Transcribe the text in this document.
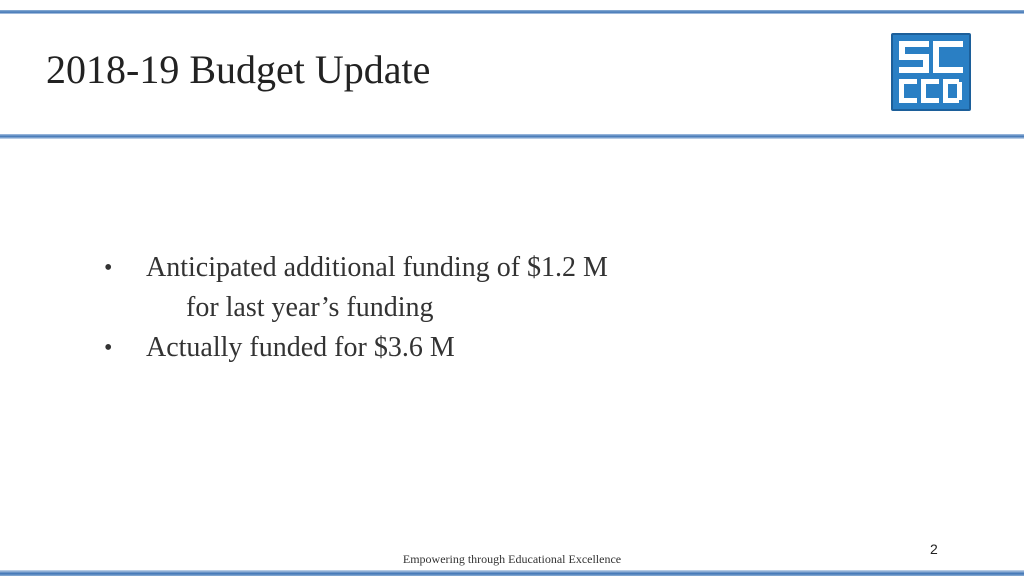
2018-19 Budget Update
• Anticipated additional funding of $1.2 M
for last year’s funding
• Actually funded for $3.6 M
2
Empowering through Educational Excellence
